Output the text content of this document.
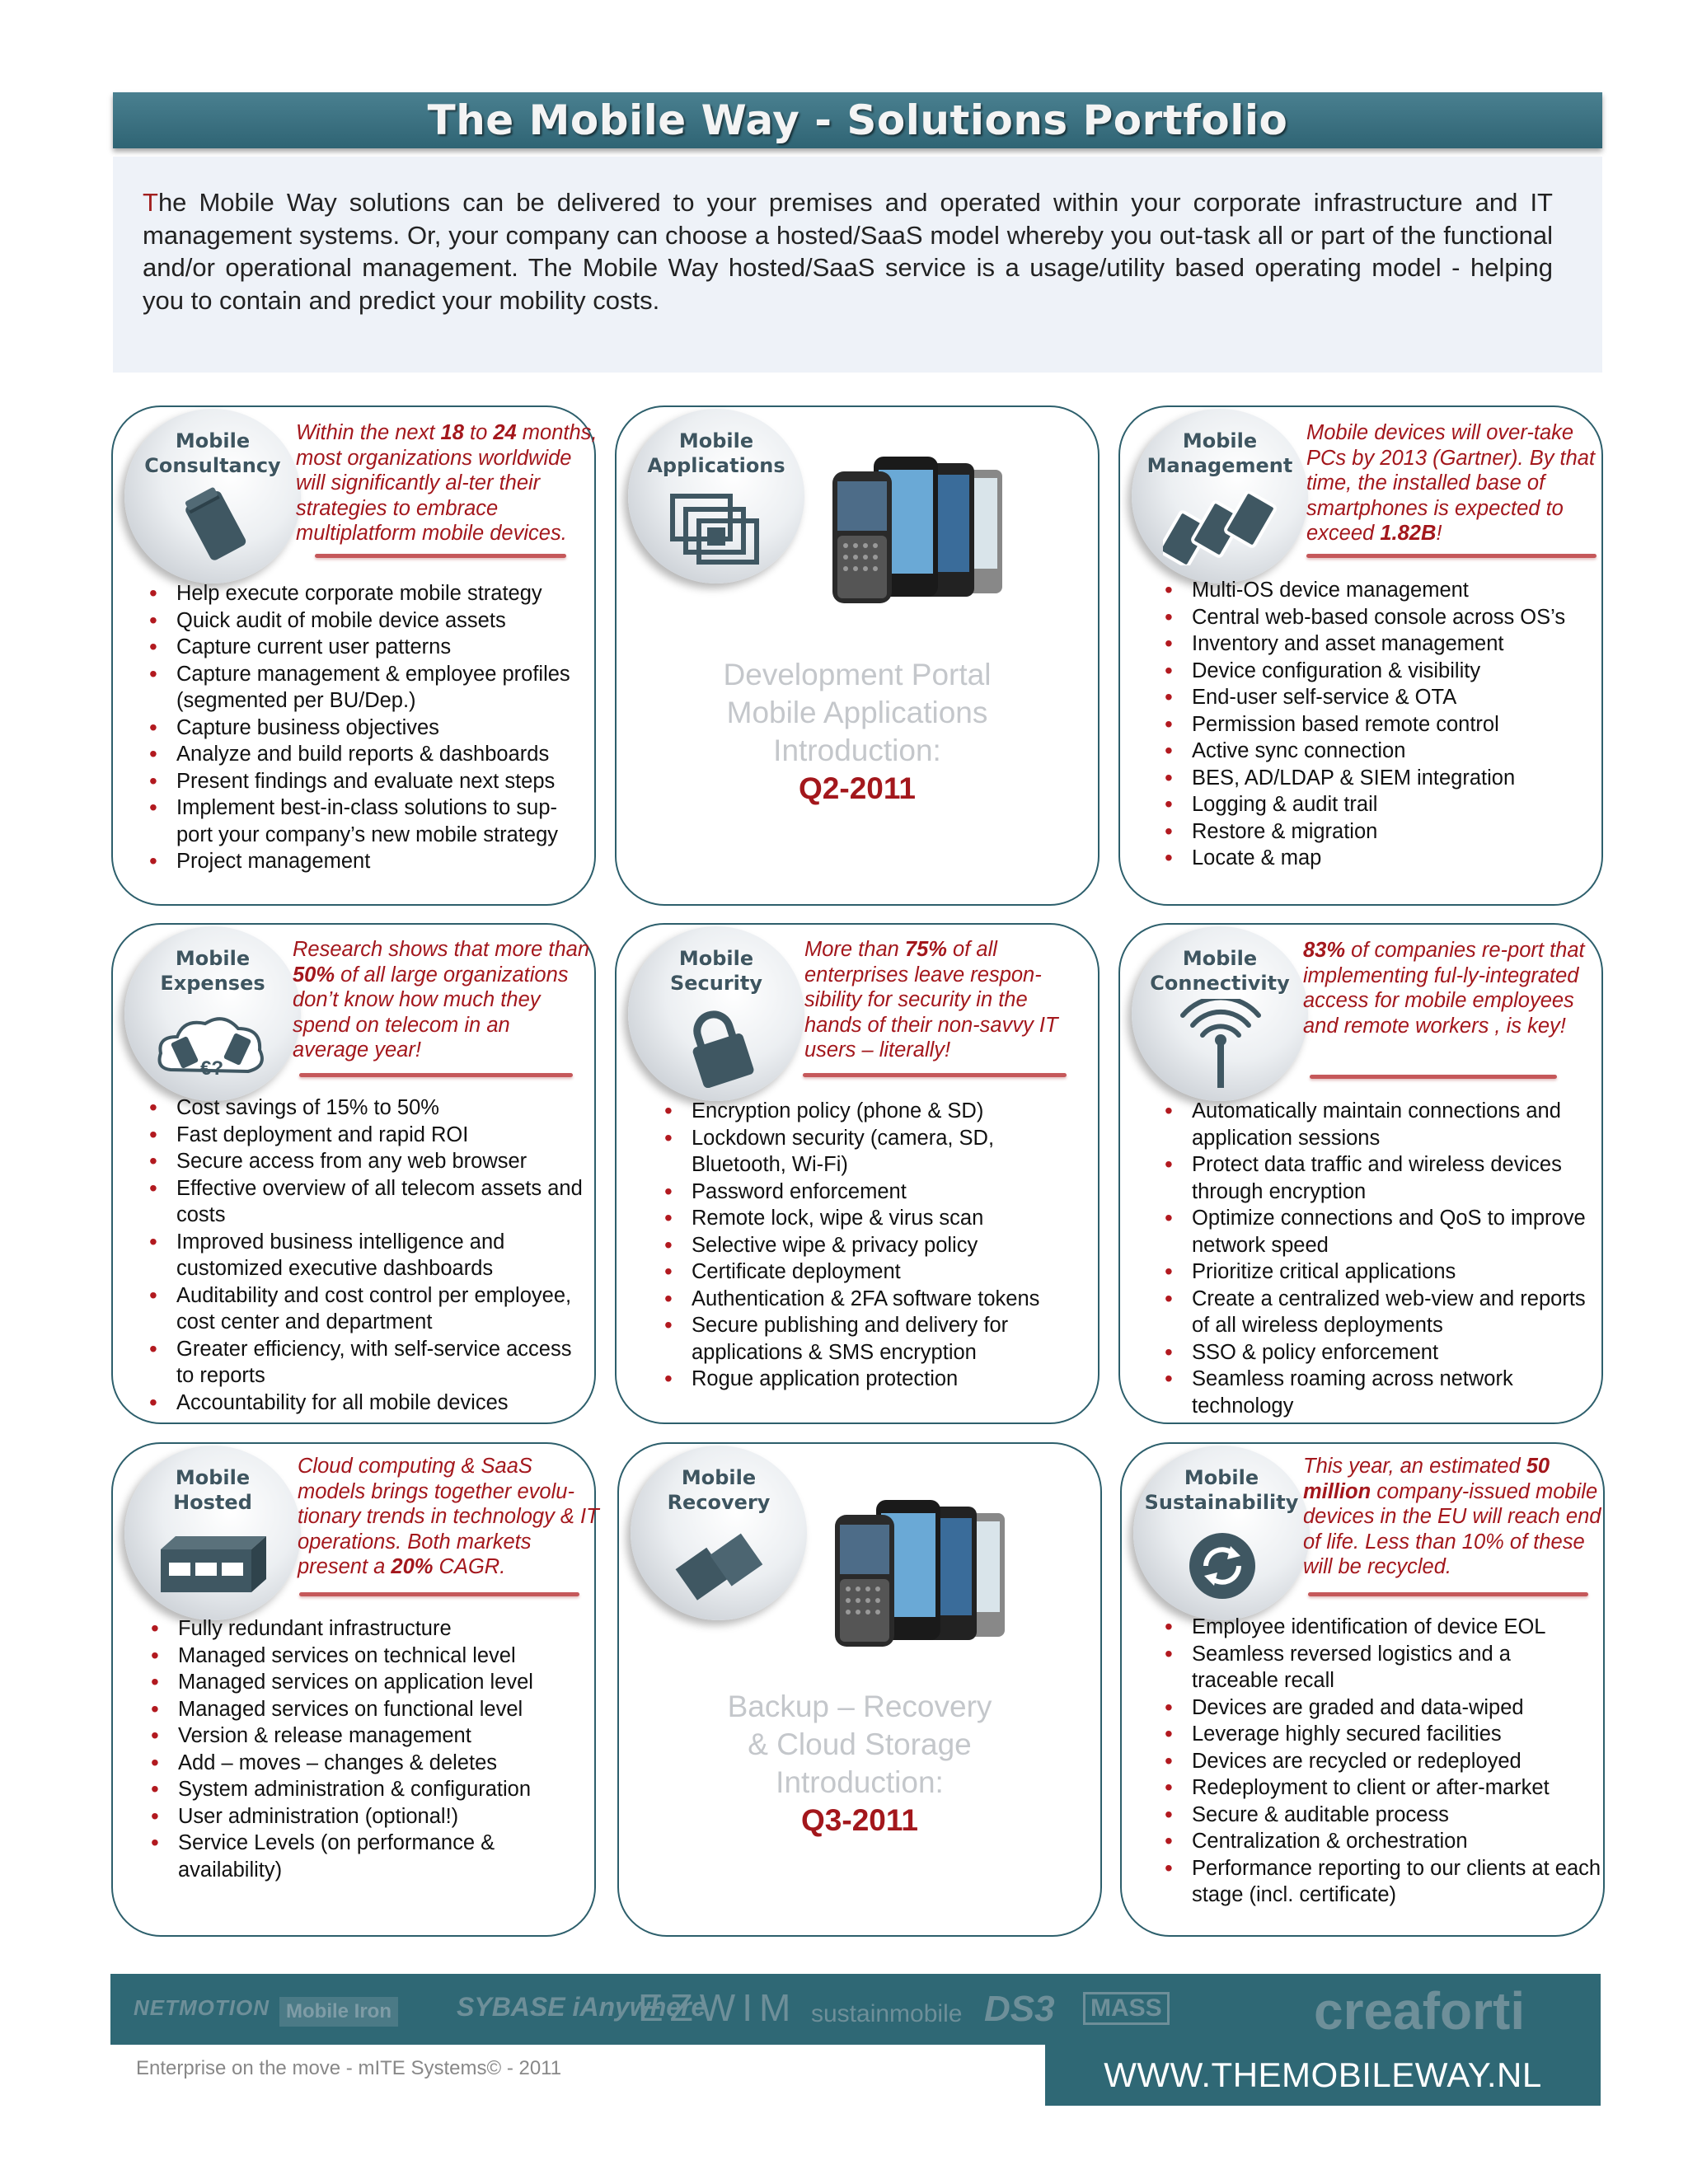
The Mobile Way - Solutions Portfolio

The Mobile Way solutions can be delivered to your premises and operated within your corporate infrastructure and IT management systems. Or, your company can choose a hosted/SaaS model whereby you out-task all or part of the functional and/or operational management. The Mobile Way hosted/SaaS service is a usage/utility based operating model - helping you to contain and predict your mobility costs.

Mobile
Consultancy
Within the next 18 to 24 months, most organizations worldwide will significantly al-ter their strategies to embrace multiplatform mobile devices.
• Help execute corporate mobile strategy
• Quick audit of mobile device assets
• Capture current user patterns
• Capture management & employee profiles (segmented per BU/Dep.)
• Capture business objectives
• Analyze and build reports & dashboards
• Present findings and evaluate next steps
• Implement best-in-class solutions to sup-port your company’s new mobile strategy
• Project management
Mobile
Applications
Development Portal
Mobile Applications
Introduction:
Q2-2011
Mobile
Management
Mobile devices will over-take PCs by 2013 (Gartner). By that time, the installed base of smartphones is expected to exceed 1.82B!
• Multi-OS device management
• Central web-based console across OS’s
• Inventory and asset management
• Device configuration & visibility
• End-user self-service & OTA
• Permission based remote control
• Active sync connection
• BES, AD/LDAP & SIEM integration
• Logging & audit trail
• Restore & migration
• Locate & map
Mobile
Expenses
€?
Research shows that more than 50% of all large organizations don’t know how much they spend on telecom in an average year!
• Cost savings of 15% to 50%
• Fast deployment and rapid ROI
• Secure access from any web browser
• Effective overview of all telecom assets and costs
• Improved business intelligence and customized executive dashboards
• Auditability and cost control per employee, cost center and department
• Greater efficiency, with self-service access to reports
• Accountability for all mobile devices
Mobile
Security
More than 75% of all enterprises leave respon-sibility for security in the hands of their non-savvy IT users – literally!
• Encryption policy (phone & SD)
• Lockdown security (camera, SD, Bluetooth, Wi-Fi)
• Password enforcement
• Remote lock, wipe & virus scan
• Selective wipe & privacy policy
• Certificate deployment
• Authentication & 2FA software tokens
• Secure publishing and delivery for applications & SMS encryption
• Rogue application protection
Mobile
Connectivity
83% of companies re-port that implementing ful-ly-integrated access for mobile employees and remote workers , is key!
• Automatically maintain connections and application sessions
• Protect data traffic and wireless devices through encryption
• Optimize connections and QoS to improve network speed
• Prioritize critical applications
• Create a centralized web-view and reports of all wireless deployments
• SSO & policy enforcement
• Seamless roaming across network technology
Mobile
Hosted
Cloud computing & SaaS models brings together evolu-tionary trends in technology & IT operations. Both markets present a 20% CAGR.
• Fully redundant infrastructure
• Managed services on technical level
• Managed services on application level
• Managed services on functional level
• Version & release management
• Add – moves – changes & deletes
• System administration & configuration
• User administration (optional!)
• Service Levels (on performance & availability)
Mobile
Recovery
Backup – Recovery
& Cloud Storage
Introduction:
Q3-2011
Mobile
Sustainability
This year, an estimated 50 million company-issued mobile devices in the EU will reach end of life. Less than 10% of these will be recycled.
• Employee identification of device EOL
• Seamless reversed logistics and a traceable recall
• Devices are graded and data-wiped
• Leverage highly secured facilities
• Devices are recycled or redeployed
• Redeployment to client or after-market
• Secure & auditable process
• Centralization & orchestration
• Performance reporting to our clients at each stage (incl. certificate)
NETMOTION Mobile Iron SYBASE iAnywhere
EZWIM sustainmobile DS3	MASS	creaforti
WWW.THEMOBILEWAY.NL
Enterprise on the move - mITE Systems© - 2011
